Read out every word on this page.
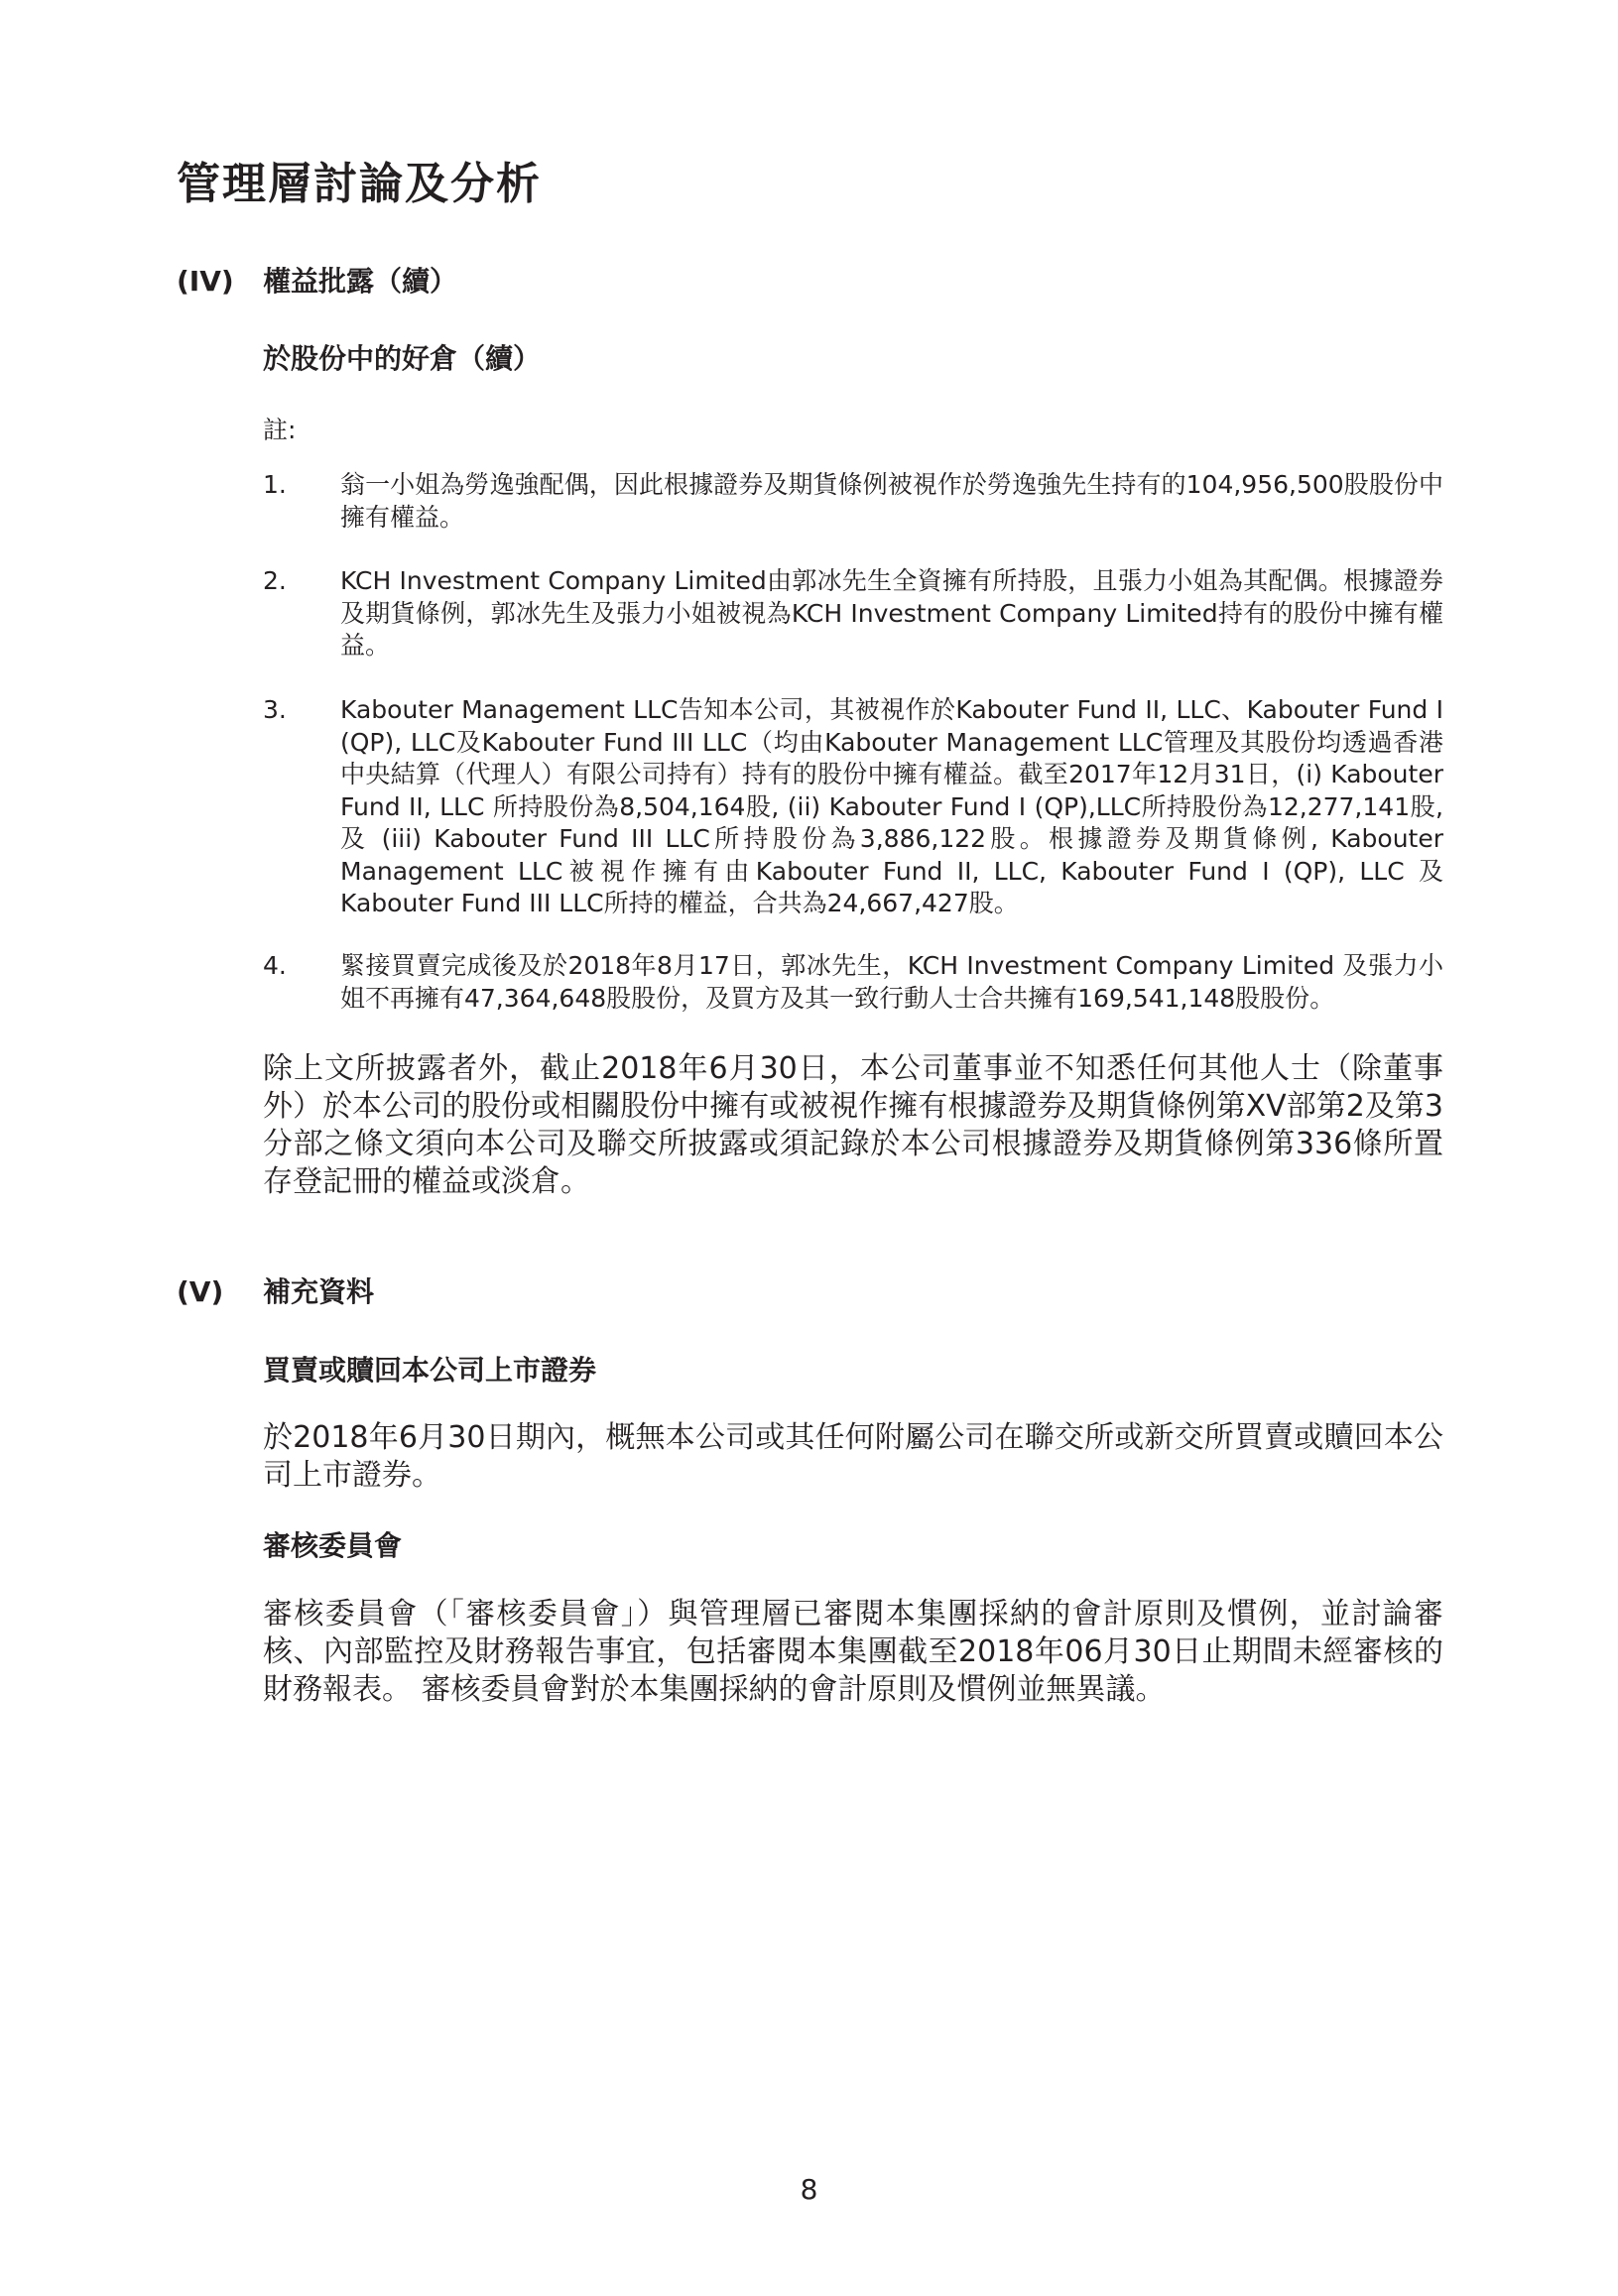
管理層討論及分析
(IV) 權益批露（續）
於股份中的好倉（續）
註:
1. 翁一小姐為勞逸強配偶，因此根據證券及期貨條例被視作於勞逸強先生持有的104,956,500股股份中擁有權益。
2. KCH Investment Company Limited由郭冰先生全資擁有所持股，且張力小姐為其配偶。根據證券及期貨條例，郭冰先生及張力小姐被視為KCH Investment Company Limited持有的股份中擁有權益。
3. Kabouter Management LLC告知本公司，其被視作於Kabouter Fund II, LLC、Kabouter Fund I (QP), LLC及Kabouter Fund III LLC（均由Kabouter Management LLC管理及其股份均透過香港中央結算（代理人）有限公司持有）持有的股份中擁有權益。截至2017年12月31日，(i) Kabouter Fund II, LLC 所持股份為8,504,164股, (ii) Kabouter Fund I (QP),LLC所持股份為12,277,141股,及 (iii) Kabouter Fund III LLC所持股份為3,886,122股。根據證券及期貨條例, Kabouter Management LLC被視作擁有由Kabouter Fund II, LLC, Kabouter Fund I (QP), LLC 及 Kabouter Fund III LLC所持的權益，合共為24,667,427股。
4. 緊接買賣完成後及於2018年8月17日，郭冰先生，KCH Investment Company Limited 及張力小姐不再擁有47,364,648股股份，及買方及其一致行動人士合共擁有169,541,148股股份。
除上文所披露者外，截止2018年6月30日，本公司董事並不知悉任何其他人士（除董事外）於本公司的股份或相關股份中擁有或被視作擁有根據證券及期貨條例第XV部第2及第3分部之條文須向本公司及聯交所披露或須記錄於本公司根據證券及期貨條例第336條所置存登記冊的權益或淡倉。
(V) 補充資料
買賣或贖回本公司上市證券
於2018年6月30日期內，概無本公司或其任何附屬公司在聯交所或新交所買賣或贖回本公司上市證券。
審核委員會
審核委員會（「審核委員會」）與管理層已審閱本集團採納的會計原則及慣例，並討論審核、內部監控及財務報告事宜，包括審閱本集團截至2018年06月30日止期間未經審核的財務報表。 審核委員會對於本集團採納的會計原則及慣例並無異議。
8
